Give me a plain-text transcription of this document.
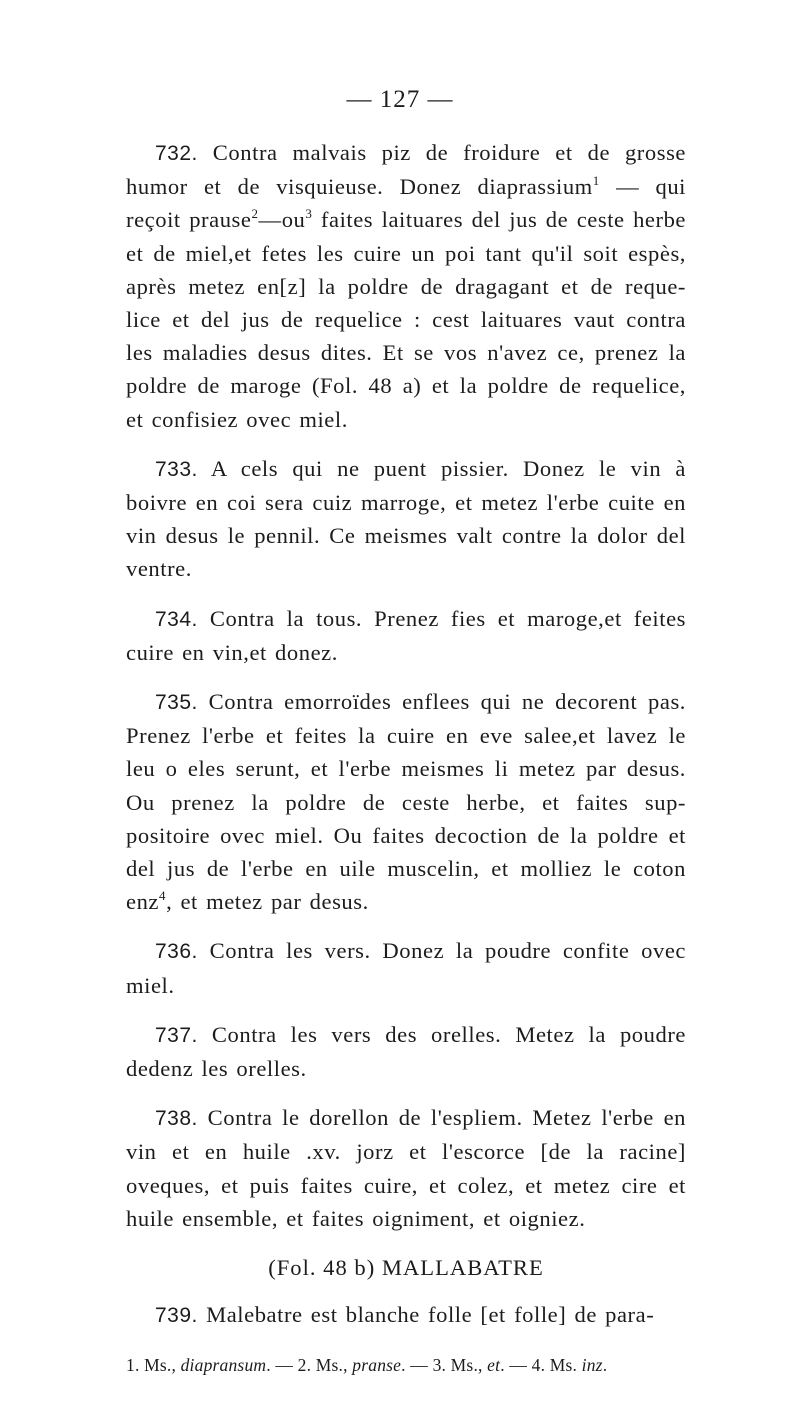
— 127 —

732. Contra malvais piz de froidure et de grosse humor et de visquieuse. Donez diaprassium$^1$ — qui reçoit $prause^2—ou^3$ faites laituares del jus de ceste herbe et de miel,et fetes les cuire un poi tant qu'il soit espès, après metez en[z] la poldre de dragagant et de reque-lice et del jus de requelice : cest laituares vaut contra les maladies desus dites. Et se vos n'avez ce, prenez la poldre de maroge (Fol. 48 a) et la poldre de requelice, et confisiez ovec miel.

733. A cels qui ne puent pissier. Donez le vin à boivre en coi sera cuiz marroge, et metez l'erbe cuite en vin desus le pennil. Ce meismes valt contre la dolor del ventre.

734. Contra la tous. Prenez fies et maroge,et feites cuire en vin,et donez.

735. Contra emorroïdes enflees qui ne decorent pas. Prenez l'erbe et feites la cuire en eve salee,et lavez le leu o eles serunt, et l'erbe meismes li metez par desus. Ou prenez la poldre de ceste herbe, et faites sup-positoire ovec miel. Ou faites decoction de la poldre et del jus de l'erbe en uile muscelin, et molliez le coton enz$^4$, et metez par desus.

736. Contra les vers. Donez la poudre confite ovec miel.

737. Contra les vers des orelles. Metez la poudre dedenz les orelles.

738. Contra le dorellon de l'espliem. Metez l'erbe en vin et en huile .xv. jorz et l'escorce [de la racine] oveques, et puis faites cuire, et colez, et metez cire et huile ensemble, et faites oigniment, et oigniez.

(Fol. 48 b) MALLABATRE

739. Malebatre est blanche folle [et folle] de para-

1. Ms., diapransum. — 2. Ms., pranse. — 3. Ms., et. — 4. Ms. inz.
